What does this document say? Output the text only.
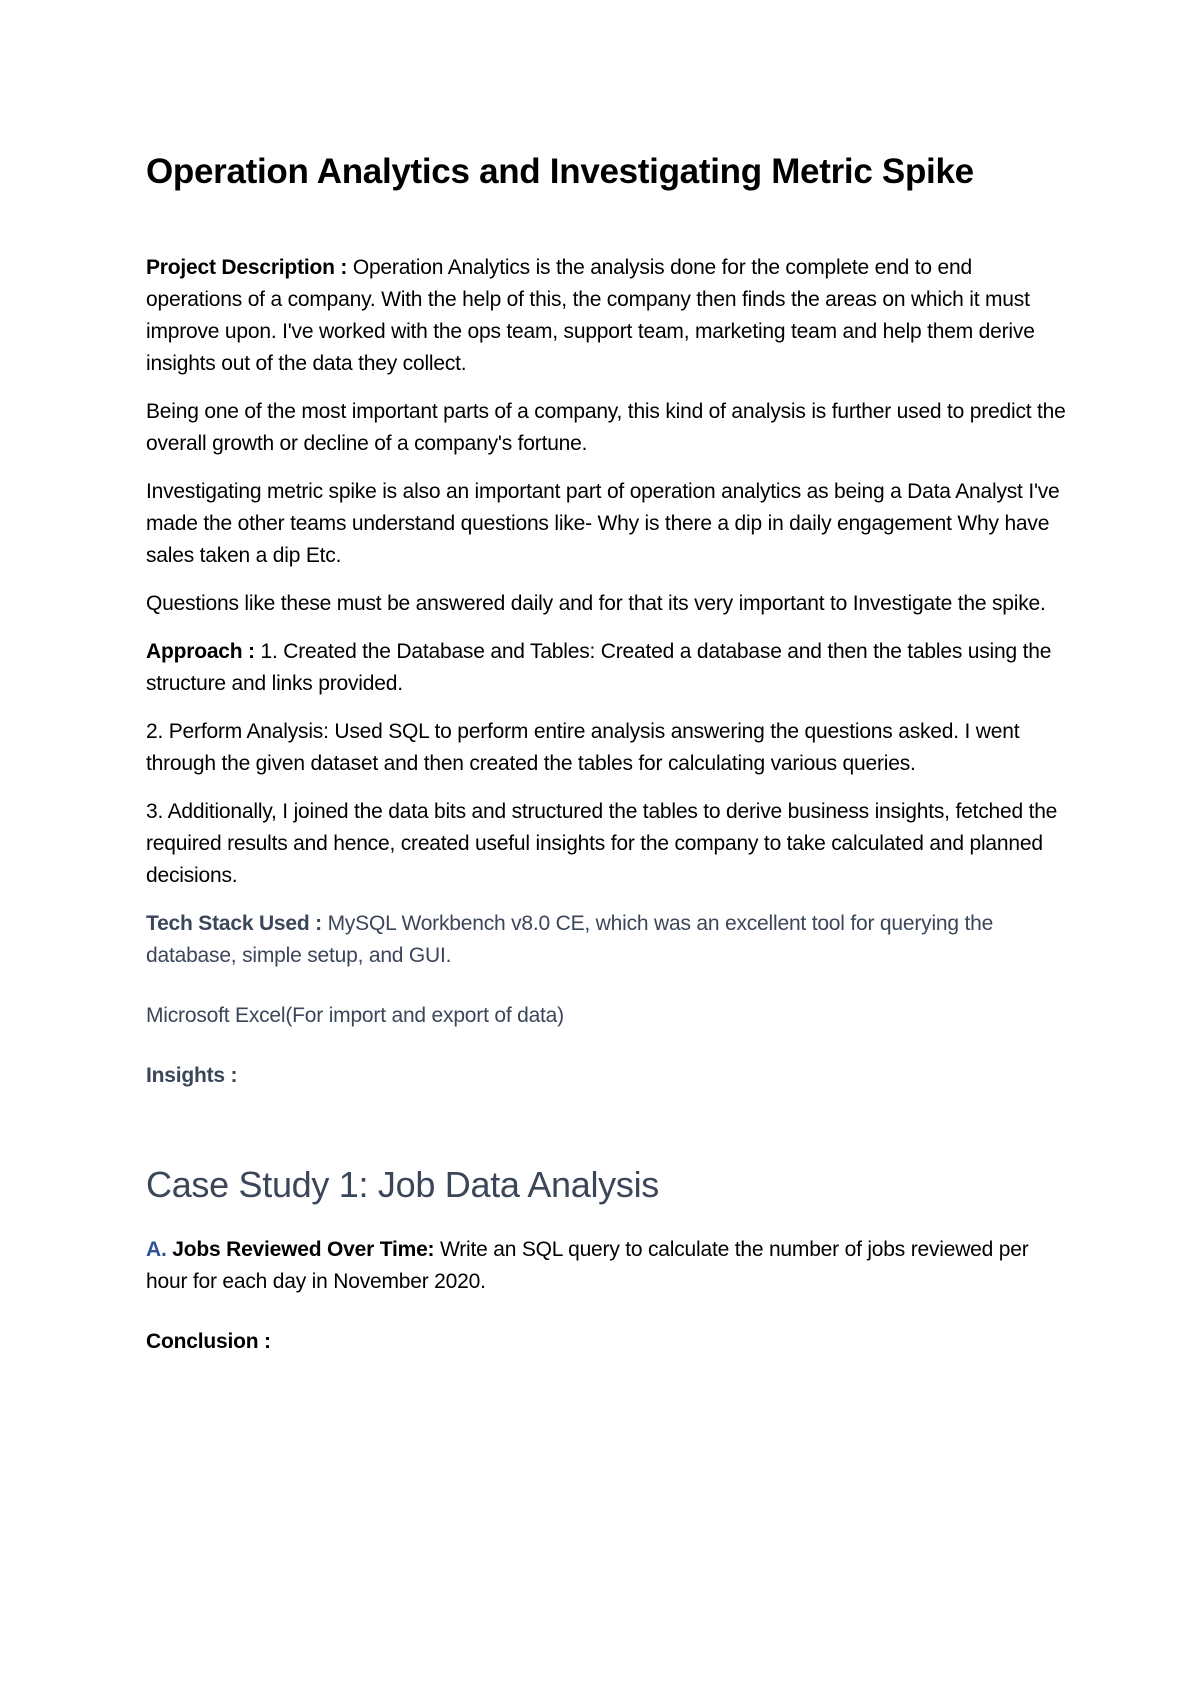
Operation Analytics and Investigating Metric Spike

Project Description : Operation Analytics is the analysis done for the complete end to end operations of a company. With the help of this, the company then finds the areas on which it must improve upon. I've worked with the ops team, support team, marketing team and help them derive insights out of the data they collect.

Being one of the most important parts of a company, this kind of analysis is further used to predict the overall growth or decline of a company's fortune.

Investigating metric spike is also an important part of operation analytics as being a Data Analyst I've made the other teams understand questions like- Why is there a dip in daily engagement Why have sales taken a dip Etc.

Questions like these must be answered daily and for that its very important to Investigate the spike.

Approach : 1. Created the Database and Tables: Created a database and then the tables using the structure and links provided.

2. Perform Analysis: Used SQL to perform entire analysis answering the questions asked. I went through the given dataset and then created the tables for calculating various queries.

3. Additionally, I joined the data bits and structured the tables to derive business insights, fetched the required results and hence, created useful insights for the company to take calculated and planned decisions.

Tech Stack Used : MySQL Workbench v8.0 CE, which was an excellent tool for querying the database, simple setup, and GUI.

Microsoft Excel(For import and export of data)

Insights :

Case Study 1: Job Data Analysis

A. Jobs Reviewed Over Time: Write an SQL query to calculate the number of jobs reviewed per hour for each day in November 2020.

Conclusion :
